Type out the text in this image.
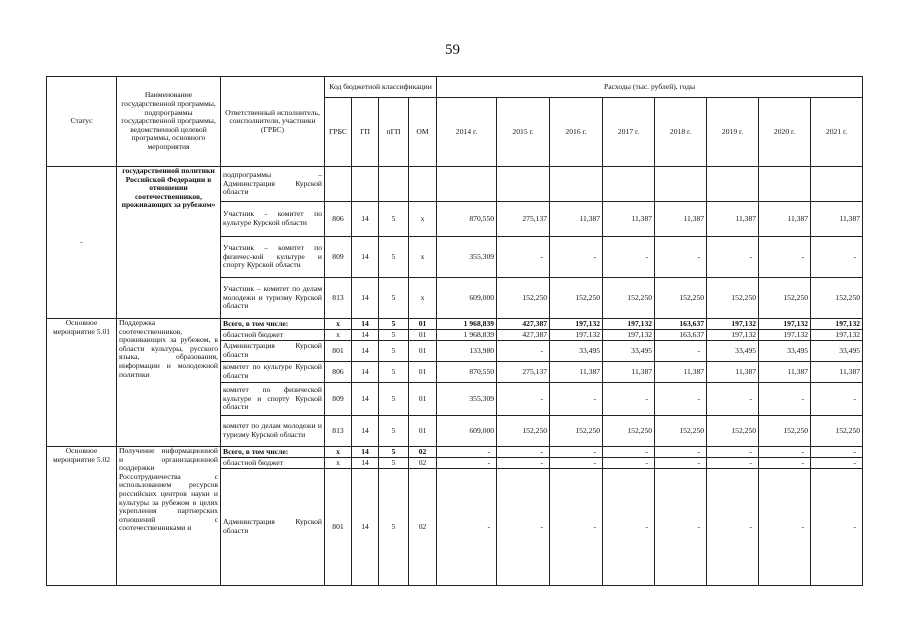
59
Статус	Наименование государственной программы, подпрограммы государственной программы, ведомственной целевой программы, основного мероприятия	Ответственный исполнитель, соисполнители, участники (ГРБС)	Код бюджетной классификации				Расходы (тыс. рублей), годы							
			ГРБС	ГП	пГП	ОМ	2014 г.	2015 г.	2016 г.	2017 г.	2018 г.	2019 г.	2020 г.	2021 г.
-	государственной политики Российской Федерации в отношении соотечественников, проживающих за рубежом»	подпрограммы – Администрация Курской области												
		Участник - комитет по культуре Курской области	806	14	5	х	870,550	275,137	11,387	11,387	11,387	11,387	11,387	11,387
		Участник – комитет по физичес-кой культуре и спорту Курской области	809	14	5	х	355,309	-	-	-	-	-	-	-
		Участник – комитет по делам молодежи и туризму Курской области	813	14	5	х	609,000	152,250	152,250	152,250	152,250	152,250	152,250	152,250
Основное мероприятие 5.01	Поддержка соотечественников, проживающих за рубежом, в области культуры, русского языка, образования, информации и молодежной политики	Всего, в том числе:	х	14	5	01	1 968,839	427,387	197,132	197,132	163,637	197,132	197,132	197,132
		областной бюджет	х	14	5	01	1 968,839	427,387	197,132	197,132	163,637	197,132	197,132	197,132
		Администрация Курской области	801	14	5	01	133,980	-	33,495	33,495	-	33,495	33,495	33,495
		комитет по культуре Курской области	806	14	5	01	870,550	275,137	11,387	11,387	11,387	11,387	11,387	11,387
		комитет по физической культуре и спорту Курской области	809	14	5	01	355,309	-	-	-	-	-	-	-
		комитет по делам молодежи и туризму Курской области	813	14	5	01	609,000	152,250	152,250	152,250	152,250	152,250	152,250	152,250
Основное мероприятие 5.02	Получение информационной и организационной поддержки Россотрудничества с использованием ресурсов российских центров науки и культуры за рубежом в целях укрепления партнерских отношений с соотечественниками и	Всего, в том числе:	х	14	5	02	-	-	-	-	-	-	-	-
		областной бюджет	х	14	5	02	-	-	-	-	-	-	-	-
		Администрация Курской области	801	14	5	02	-	-	-	-	-	-	-	-
